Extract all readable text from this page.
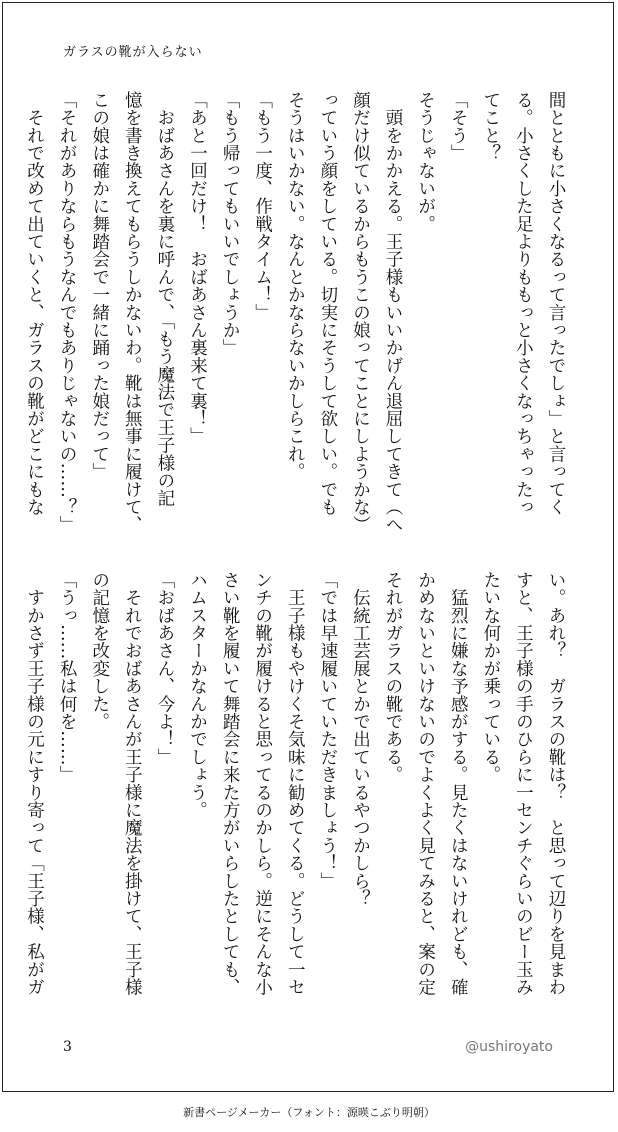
ガラスの靴が入らない
間とともに小さくなるって言ったでしょ」と言ってく
る。小さくした足よりももっと小さくなっちゃったっ
てこと？
「そう」
そうじゃないが。
　頭をかかえる。王子様もいいかげん退屈してきて（へ
顔だけ似ているからもうこの娘ってことにしようかな）
っていう顔をしている。切実にそうして欲しい。でも
そうはいかない。なんとかならないかしらこれ。
「もう一度、作戦タイム！」
「もう帰ってもいいでしょうか」
「あと一回だけ！　おばあさん裏来て裏！」
　おばあさんを裏に呼んで、「もう魔法で王子様の記
憶を書き換えてもらうしかないわ。靴は無事に履けて、
この娘は確かに舞踏会で一緒に踊った娘だって」
「それがありならもうなんでもありじゃないの……？」
　それで改めて出ていくと、ガラスの靴がどこにもな
い。あれ？　ガラスの靴は？　と思って辺りを見まわ
すと、王子様の手のひらに一センチぐらいのビー玉み
たいな何かが乗っている。
　猛烈に嫌な予感がする。見たくはないけれども、確
かめないといけないのでよくよく見てみると、案の定
それがガラスの靴である。
　伝統工芸展とかで出ているやつかしら？
「では早速履いていただきましょう！」
　王子様もやけくそ気味に勧めてくる。どうして一セ
ンチの靴が履けると思ってるのかしら。逆にそんな小
さい靴を履いて舞踏会に来た方がいらしたとしても、
ハムスターかなんかでしょう。
「おばあさん、今よ！」
　それでおばあさんが王子様に魔法を掛けて、王子様
の記憶を改変した。
「うっ……私は何を……」
　すかさず王子様の元にすり寄って「王子様、私がガ
3	@ushiroyato
新書ページメーカー（フォント：源暎こぶり明朝）
